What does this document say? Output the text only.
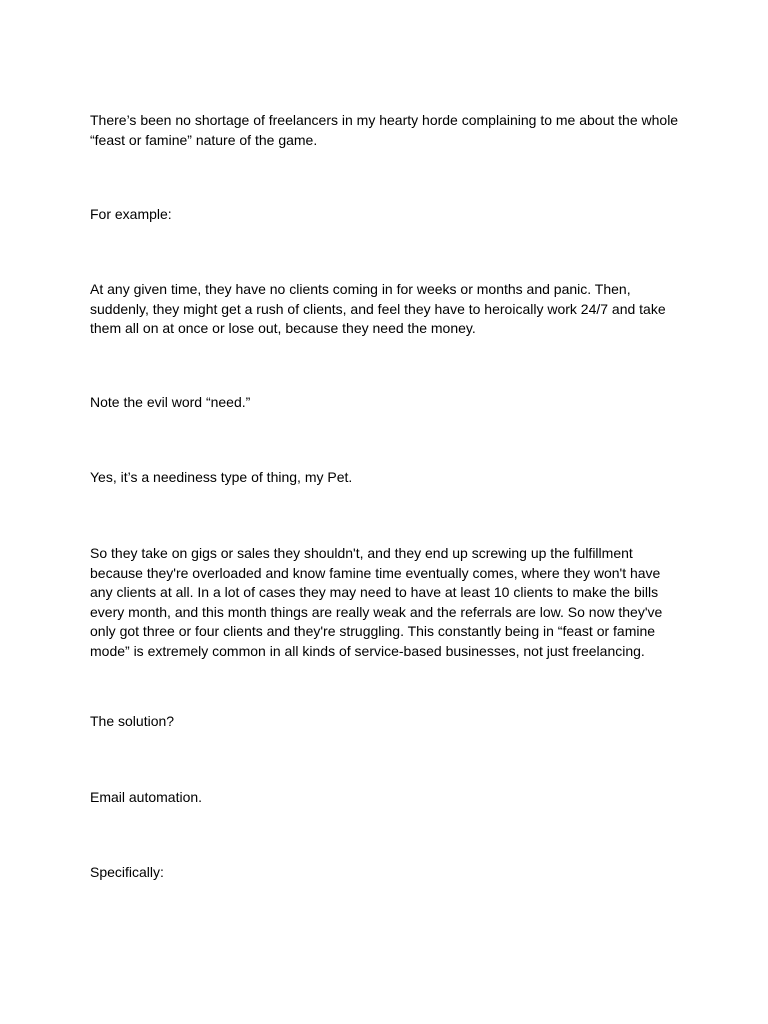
There’s been no shortage of freelancers in my hearty horde complaining to me about the whole “feast or famine” nature of the game.

For example:

At any given time, they have no clients coming in for weeks or months and panic. Then, suddenly, they might get a rush of clients, and feel they have to heroically work 24/7 and take them all on at once or lose out, because they need the money.

Note the evil word “need.”

Yes, it’s a neediness type of thing, my Pet.

So they take on gigs or sales they shouldn't, and they end up screwing up the fulfillment because they're overloaded and know famine time eventually comes, where they won't have any clients at all. In a lot of cases they may need to have at least 10 clients to make the bills every month, and this month things are really weak and the referrals are low. So now they've only got three or four clients and they're struggling. This constantly being in “feast or famine mode” is extremely common in all kinds of service-based businesses, not just freelancing.

The solution?

Email automation.

Specifically:
